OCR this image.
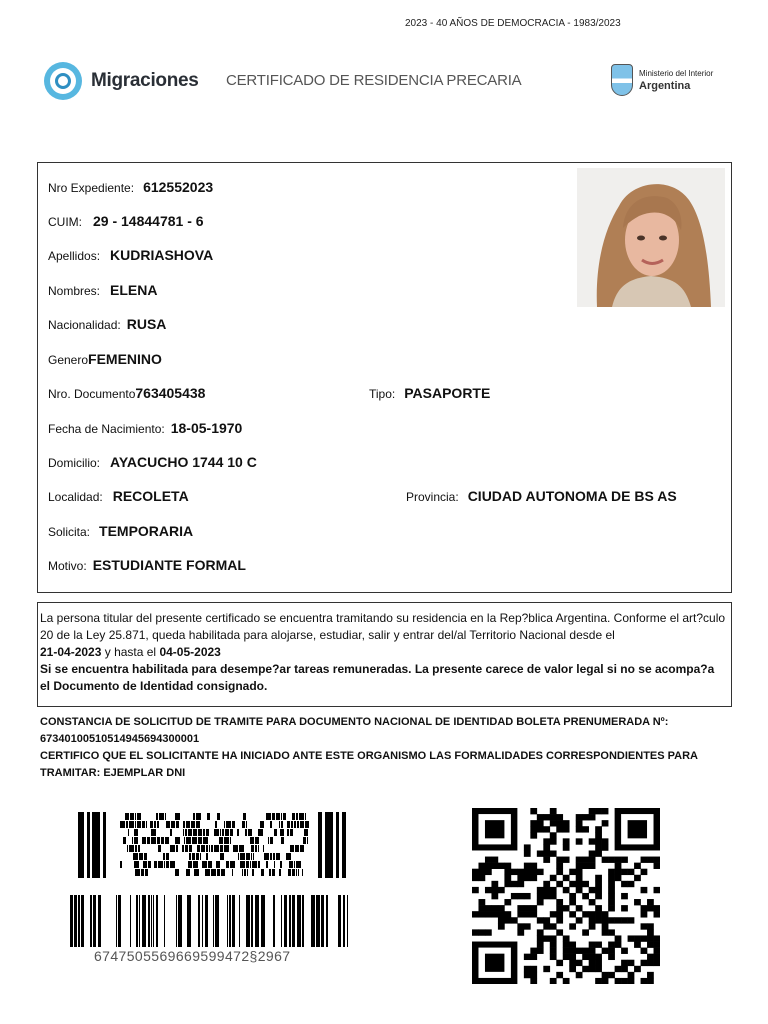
2023 - 40 AÑOS DE DEMOCRACIA - 1983/2023
Migraciones CERTIFICADO DE RESIDENCIA PRECARIA	Ministerio del Interior
Argentina
Nro Expediente: 612552023
CUIM: 29 - 14844781 - 6
Apellidos: KUDRIASHOVA
Nombres: ELENA
Nacionalidad: RUSA
Genero FEMENINO
Nro. Documento 763405438	Tipo: PASAPORTE
Fecha de Nacimiento: 18-05-1970
Domicilio: AYACUCHO 1744 10 C
Localidad: RECOLETA	Provincia: CIUDAD AUTONOMA DE BS AS
Solicita: TEMPORARIA
Motivo: ESTUDIANTE FORMAL
La persona titular del presente certificado se encuentra tramitando su residencia en la Rep?blica Argentina. Conforme el art?culo 20 de la Ley 25.871, queda habilitada para alojarse, estudiar, salir y entrar del/al Territorio Nacional desde el
21-04-2023 y hasta el 04-05-2023
Si se encuentra habilitada para desempe?ar tareas remuneradas. La presente carece de valor legal si no se acompa?a el Documento de Identidad consignado.
CONSTANCIA DE SOLICITUD DE TRAMITE PARA DOCUMENTO NACIONAL DE IDENTIDAD BOLETA PRENUMERADA Nº:
67340100510514945694300001
CERTIFICO QUE EL SOLICITANTE HA INICIADO ANTE ESTE ORGANISMO LAS FORMALIDADES CORRESPONDIENTES PARA TRAMITAR: EJEMPLAR DNI
6747505569669599472§2967
